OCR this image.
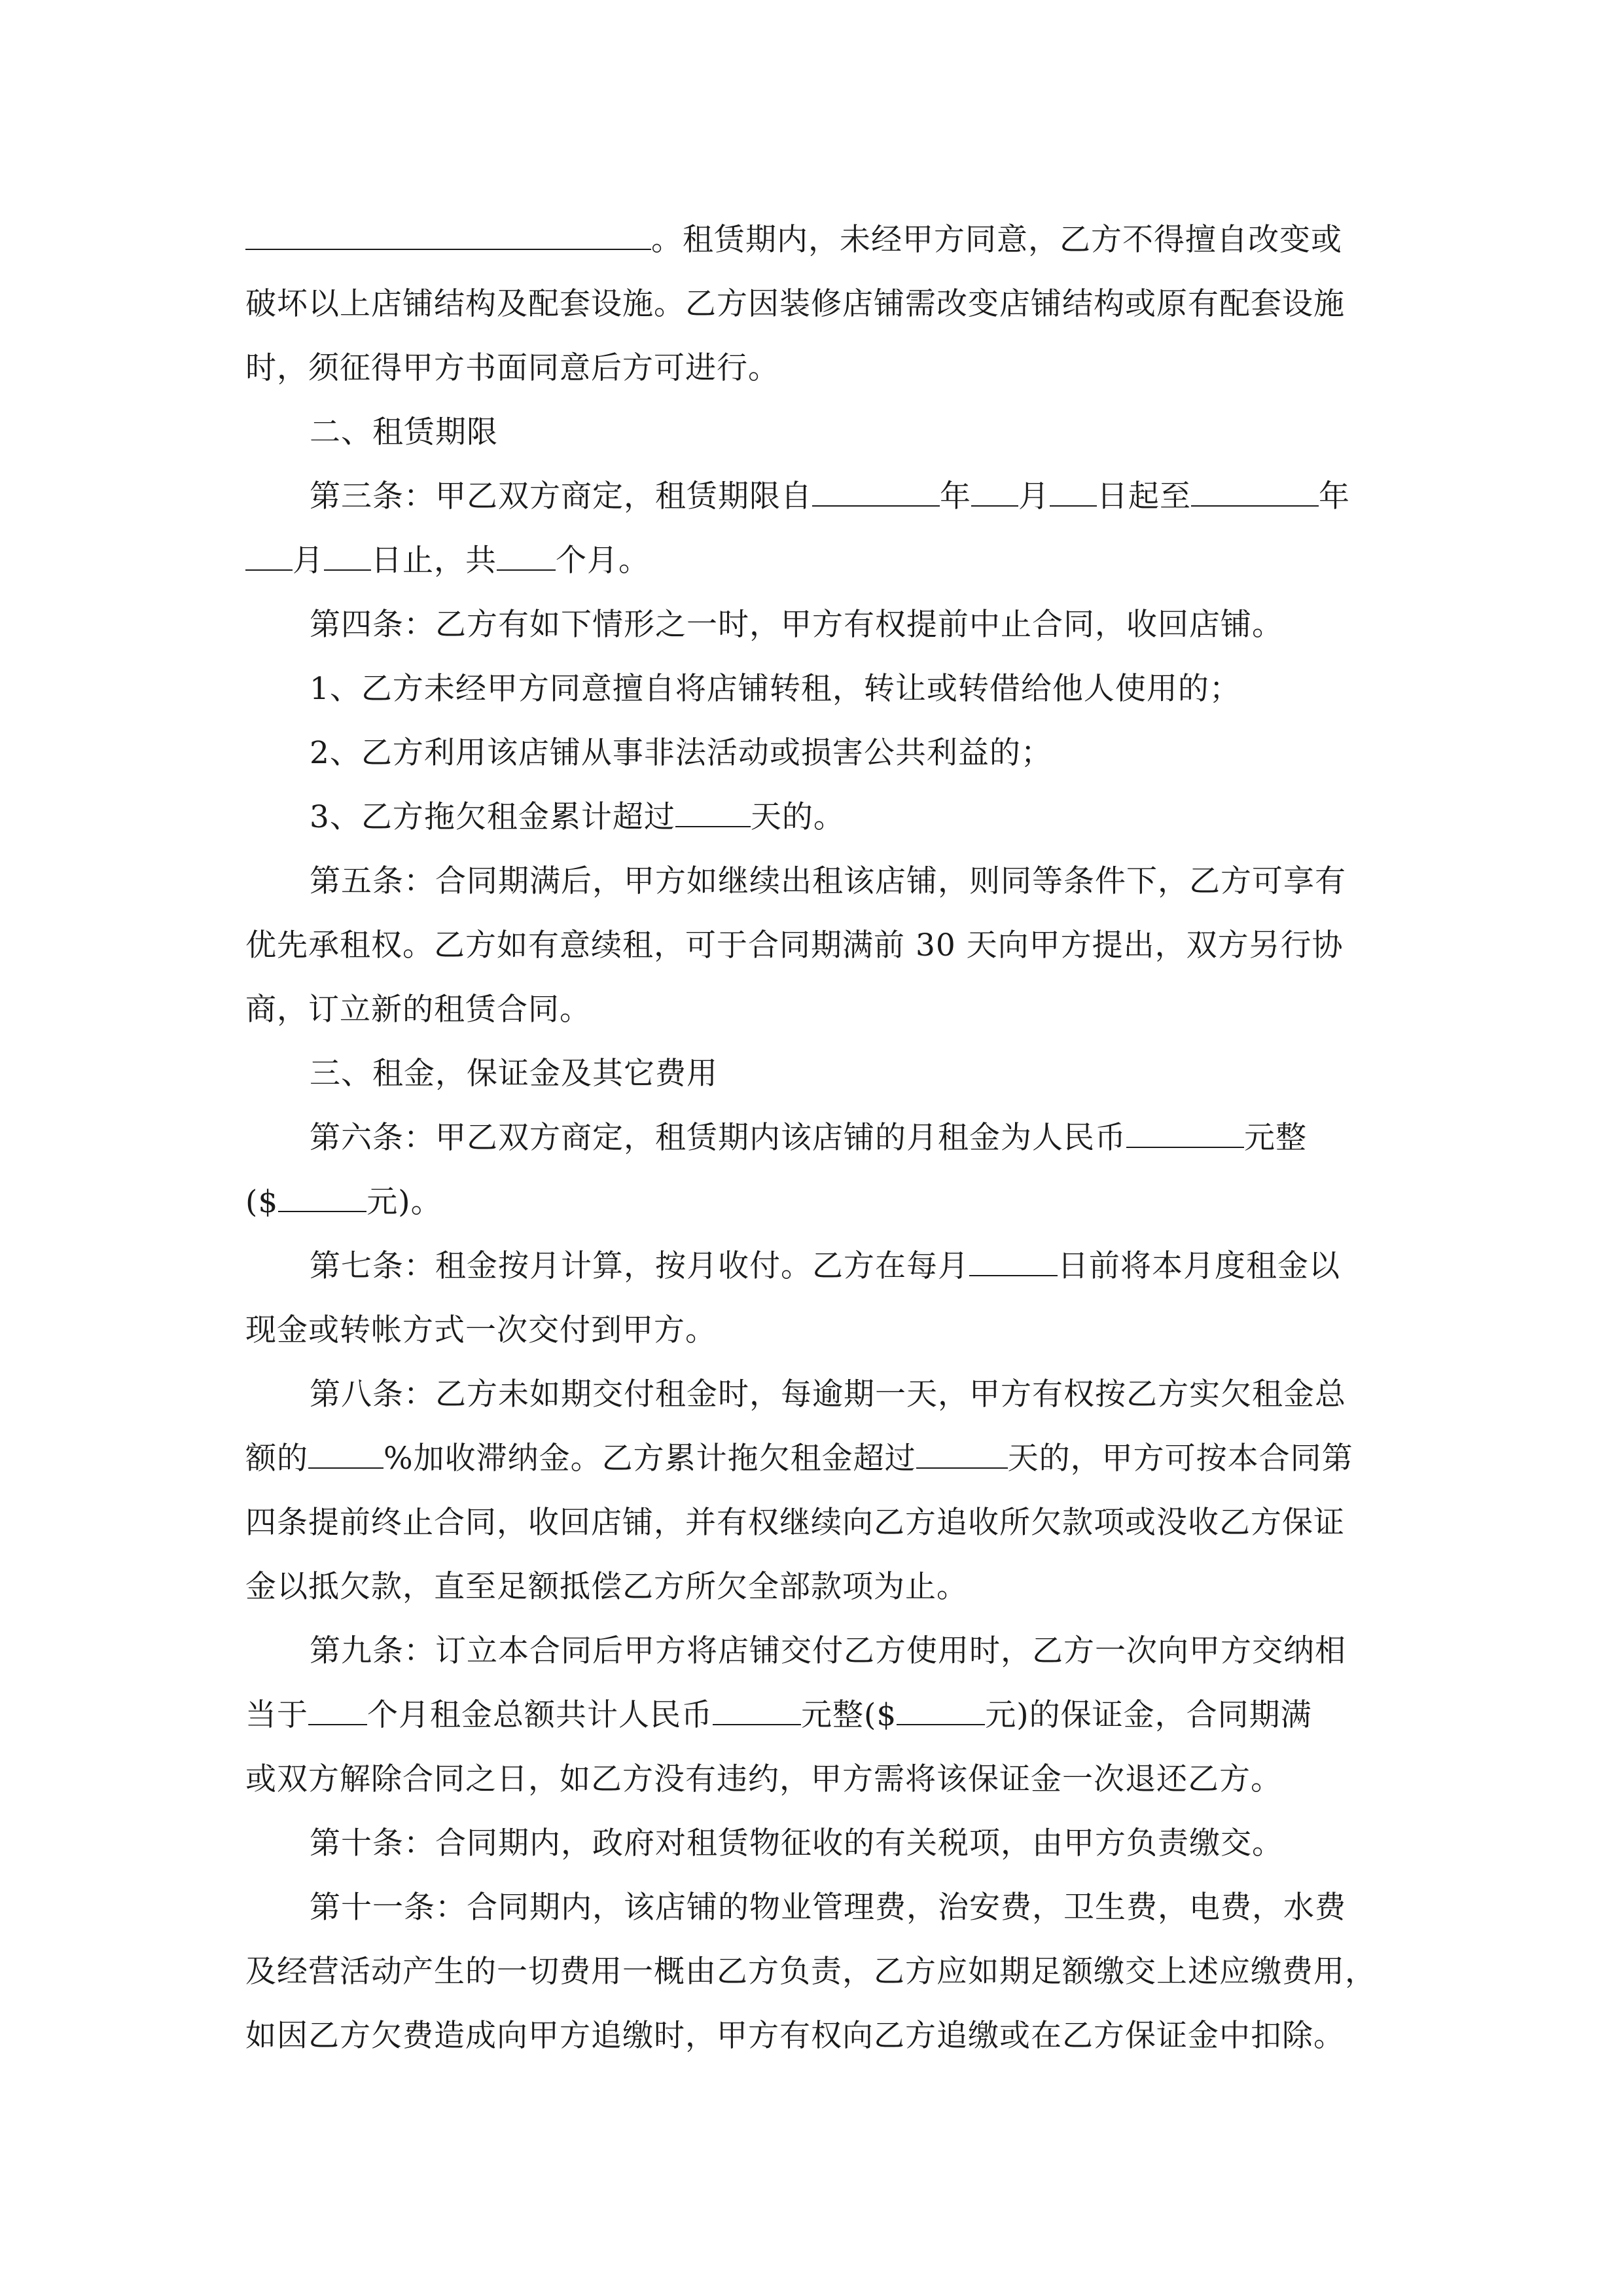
。租赁期内，未经甲方同意，乙方不得擅自改变或
破坏以上店铺结构及配套设施。乙方因装修店铺需改变店铺结构或原有配套设施
时，须征得甲方书面同意后方可进行。
二、租赁期限
第三条：甲乙双方商定，租赁期限自	年 月 日起至	年
月 日止，共 个月。
第四条：乙方有如下情形之一时，甲方有权提前中止合同，收回店铺。
1、乙方未经甲方同意擅自将店铺转租，转让或转借给他人使用的；
2、乙方利用该店铺从事非法活动或损害公共利益的；
3、乙方拖欠租金累计超过 天的。
第五条：合同期满后，甲方如继续出租该店铺，则同等条件下，乙方可享有
优先承租权。乙方如有意续租，可于合同期满前 30 天向甲方提出，双方另行协
商，订立新的租赁合同。
三、租金，保证金及其它费用
第六条：甲乙双方商定，租赁期内该店铺的月租金为人民币	元整
($	元)。
第七条：租金按月计算，按月收付。乙方在每月	日前将本月度租金以
现金或转帐方式一次交付到甲方。
第八条：乙方未如期交付租金时，每逾期一天，甲方有权按乙方实欠租金总
额的 %加收滞纳金。乙方累计拖欠租金超过	天的，甲方可按本合同第
四条提前终止合同，收回店铺，并有权继续向乙方追收所欠款项或没收乙方保证
金以抵欠款，直至足额抵偿乙方所欠全部款项为止。
第九条：订立本合同后甲方将店铺交付乙方使用时，乙方一次向甲方交纳相
当于 个月租金总额共计人民币	元整($	元)的保证金，合同期满
或双方解除合同之日，如乙方没有违约，甲方需将该保证金一次退还乙方。
第十条：合同期内，政府对租赁物征收的有关税项，由甲方负责缴交。
第十一条：合同期内，该店铺的物业管理费，治安费，卫生费，电费，水费
及经营活动产生的一切费用一概由乙方负责，乙方应如期足额缴交上述应缴费用，
如因乙方欠费造成向甲方追缴时，甲方有权向乙方追缴或在乙方保证金中扣除。
